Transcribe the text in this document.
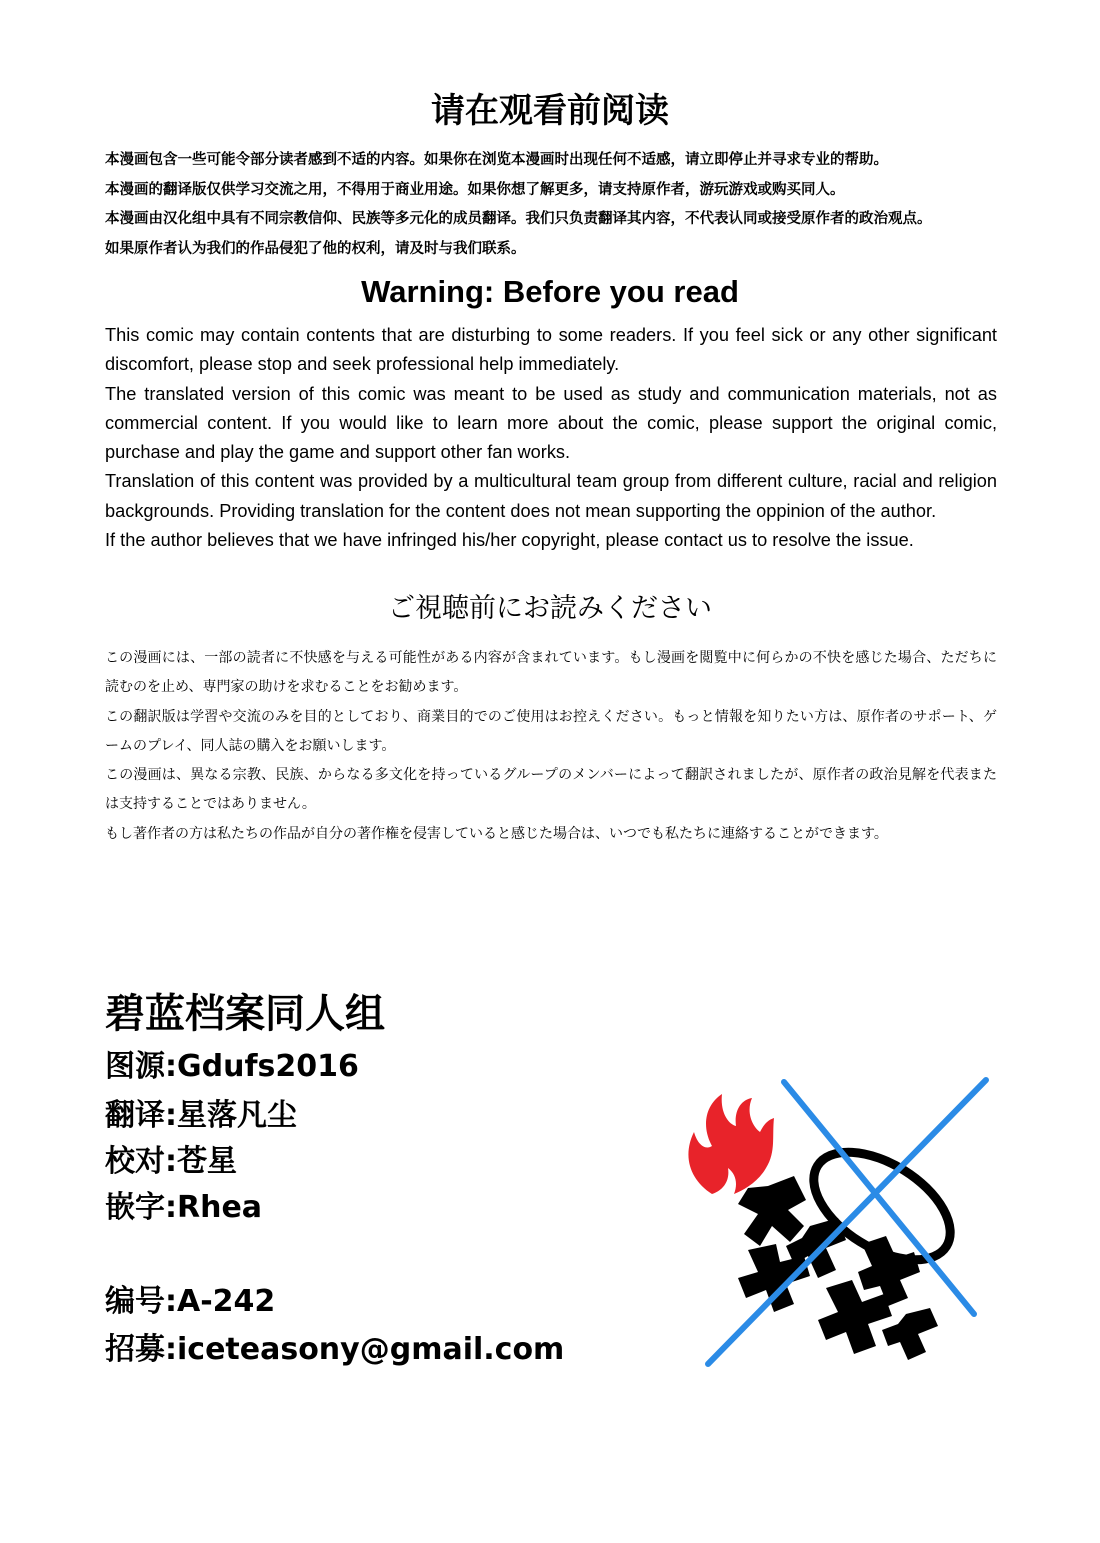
请在观看前阅读

本漫画包含一些可能令部分读者感到不适的内容。如果你在浏览本漫画时出现任何不适感，请立即停止并寻求专业的帮助。

本漫画的翻译版仅供学习交流之用，不得用于商业用途。如果你想了解更多，请支持原作者，游玩游戏或购买同人。

本漫画由汉化组中具有不同宗教信仰、民族等多元化的成员翻译。我们只负责翻译其内容，不代表认同或接受原作者的政治观点。

如果原作者认为我们的作品侵犯了他的权利，请及时与我们联系。

Warning: Before you read

This comic may contain contents that are disturbing to some readers. If you feel sick or any other significant discomfort, please stop and seek professional help immediately.

The translated version of this comic was meant to be used as study and communication materials, not as commercial content. If you would like to learn more about the comic, please support the original comic, purchase and play the game and support other fan works.

Translation of this content was provided by a multicultural team group from different culture, racial and religion backgrounds. Providing translation for the content does not mean supporting the oppinion of the author.

If the author believes that we have infringed his/her copyright, please contact us to resolve the issue.

ご視聴前にお読みください

この漫画には、一部の読者に不快感を与える可能性がある内容が含まれています。もし漫画を閲覧中に何らかの不快を感じた場合、ただちに読むのを止め、専門家の助けを求むることをお勧めます。

この翻訳版は学習や交流のみを目的としており、商業目的でのご使用はお控えください。もっと情報を知りたい方は、原作者のサポート、ゲームのプレイ、同人誌の購入をお願いします。

この漫画は、異なる宗教、民族、からなる多文化を持っているグループのメンバーによって翻訳されましたが、原作者の政治見解を代表または支持することではありません。

もし著作者の方は私たちの作品が自分の著作権を侵害していると感じた場合は、いつでも私たちに連絡することができます。

碧蓝档案同人组
图源:Gdufs2016
翻译:星落凡尘
校对:苍星
嵌字:Rhea
编号:A-242
招募:iceteasony@gmail.com
